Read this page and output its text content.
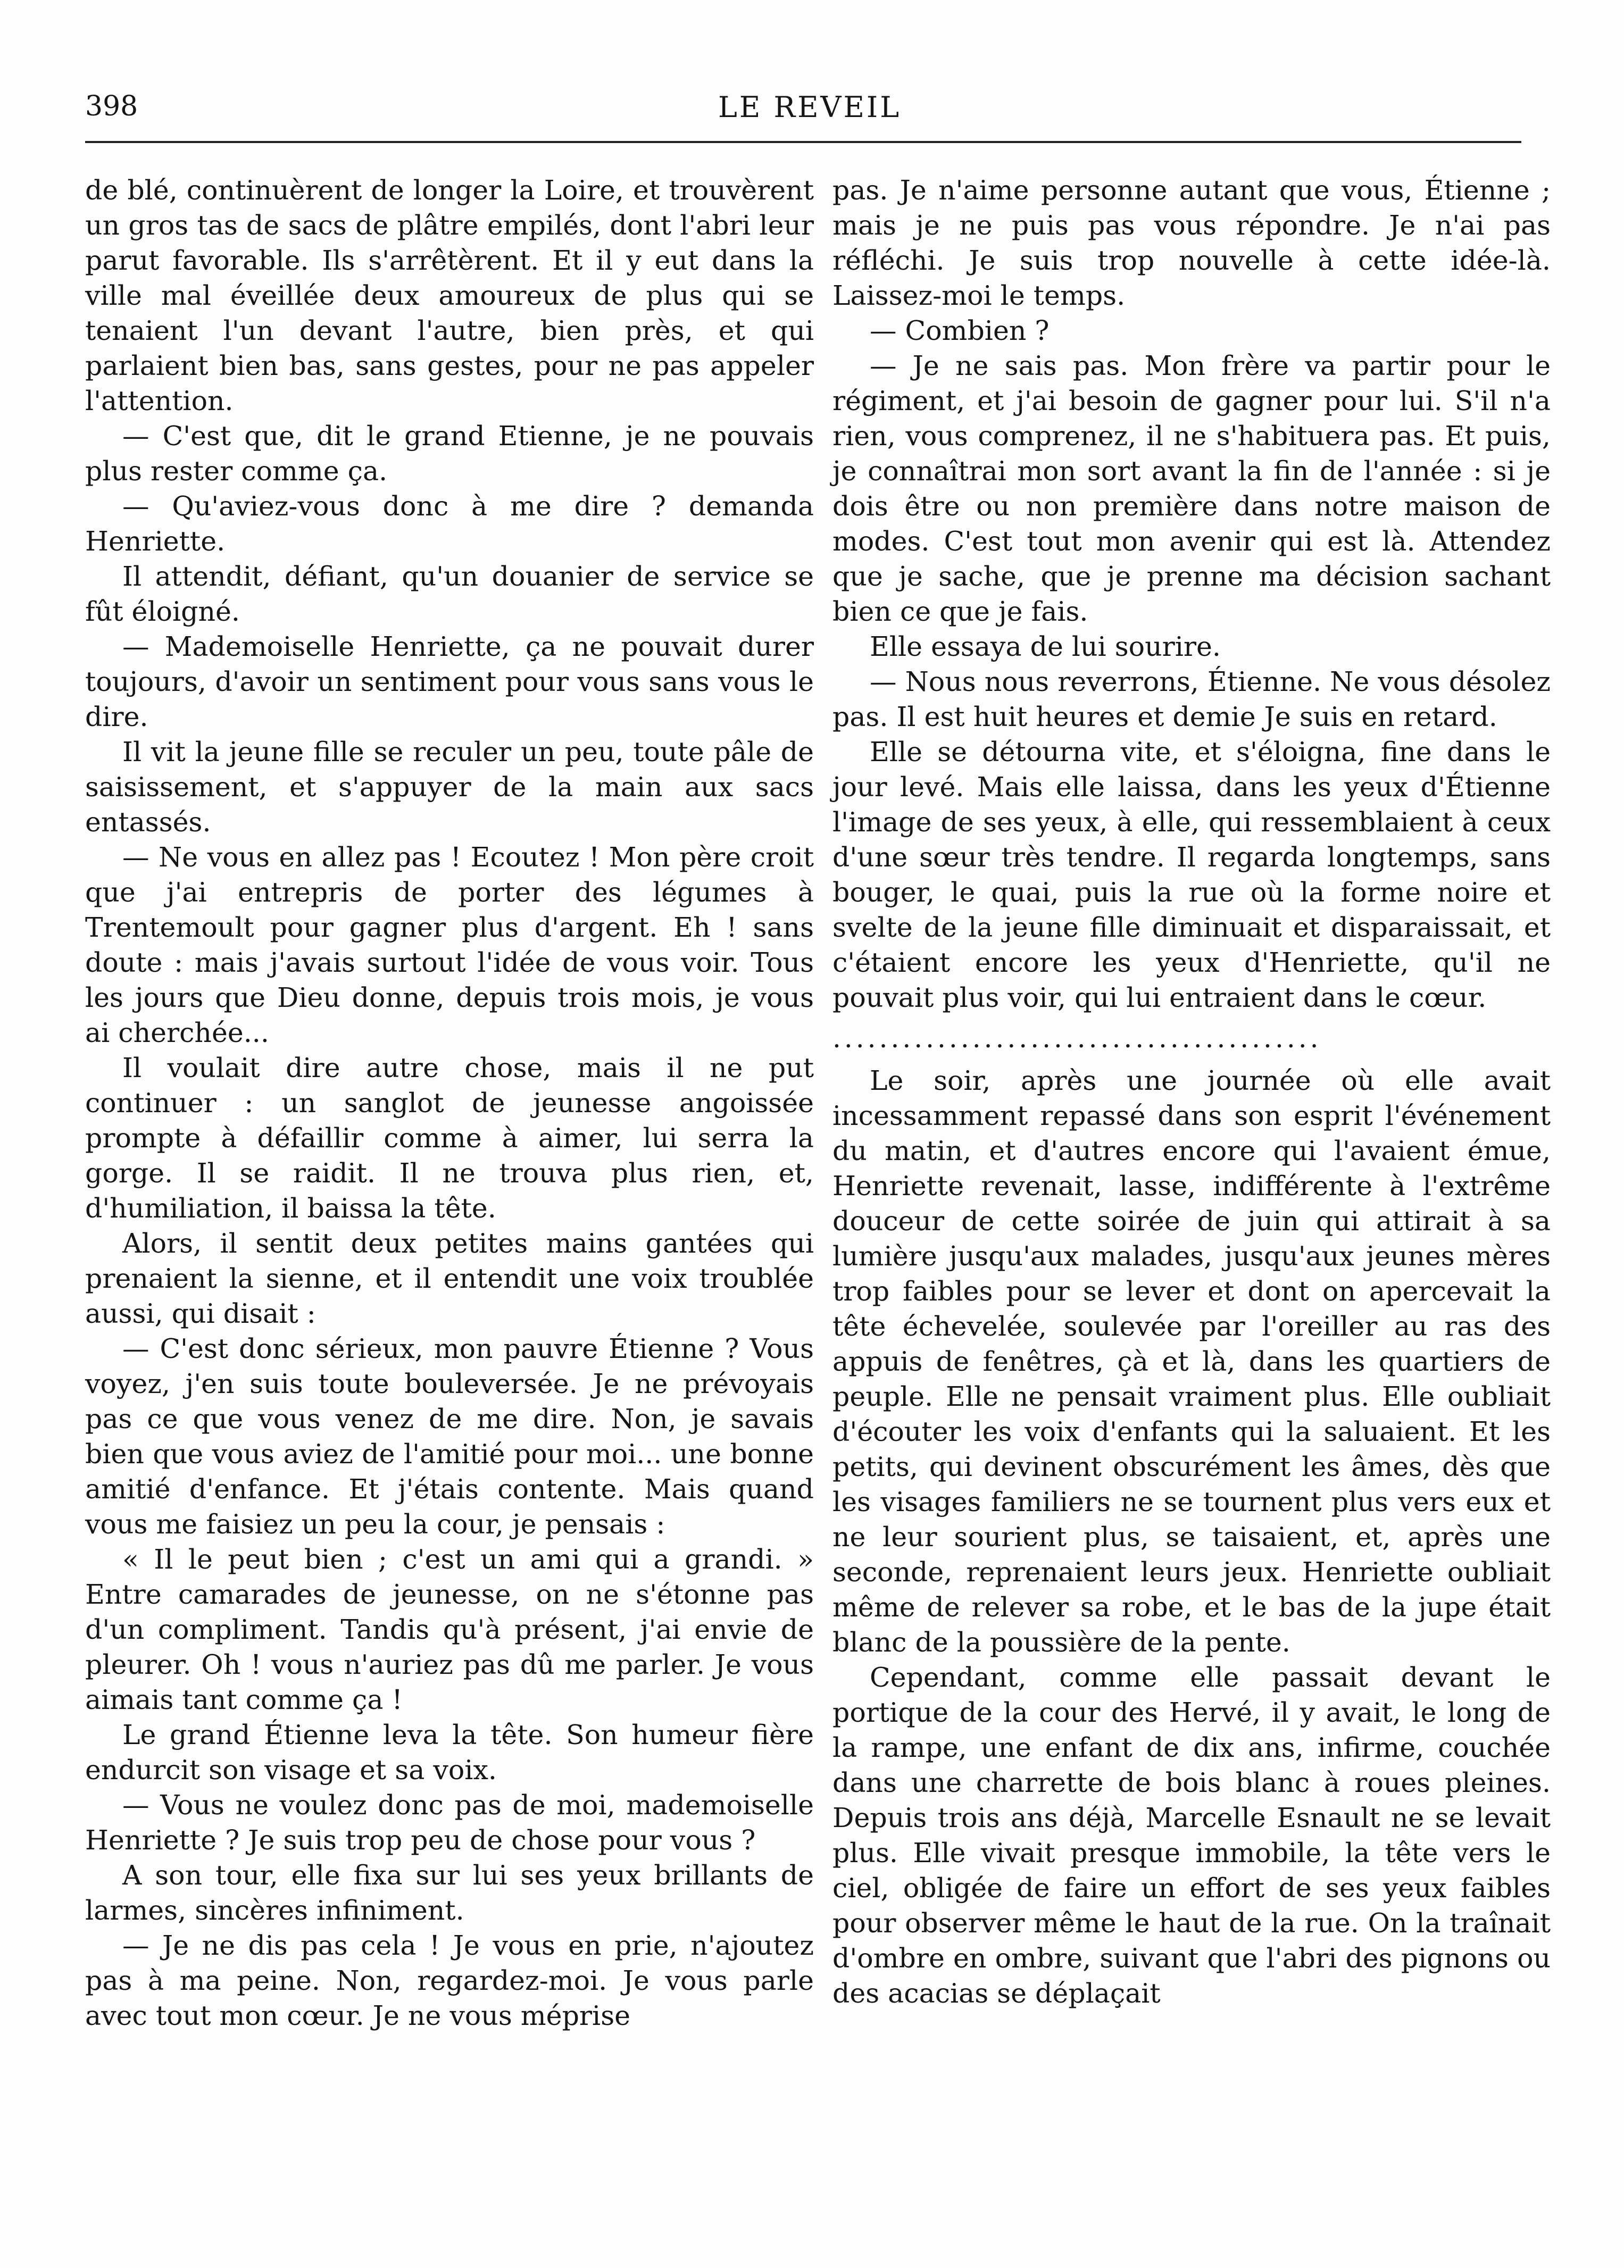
398	LE REVEIL

de blé, continuèrent de longer la Loire, et trouvèrent un gros tas de sacs de plâtre empilés, dont l'abri leur parut favorable. Ils s'arrêtèrent. Et il y eut dans la ville mal éveillée deux amoureux de plus qui se tenaient l'un devant l'autre, bien près, et qui parlaient bien bas, sans gestes, pour ne pas appeler l'attention.

— C'est que, dit le grand Etienne, je ne pouvais plus rester comme ça.

— Qu'aviez-vous donc à me dire ? demanda Henriette.

Il attendit, défiant, qu'un douanier de service se fût éloigné.

— Mademoiselle Henriette, ça ne pouvait durer toujours, d'avoir un sentiment pour vous sans vous le dire.

Il vit la jeune fille se reculer un peu, toute pâle de saisissement, et s'appuyer de la main aux sacs entassés.

— Ne vous en allez pas ! Ecoutez ! Mon père croit que j'ai entrepris de porter des légumes à Trentemoult pour gagner plus d'argent. Eh ! sans doute : mais j'avais surtout l'idée de vous voir. Tous les jours que Dieu donne, depuis trois mois, je vous ai cherchée...

Il voulait dire autre chose, mais il ne put continuer : un sanglot de jeunesse angoissée prompte à défaillir comme à aimer, lui serra la gorge. Il se raidit. Il ne trouva plus rien, et, d'humiliation, il baissa la tête.

Alors, il sentit deux petites mains gantées qui prenaient la sienne, et il entendit une voix troublée aussi, qui disait :

— C'est donc sérieux, mon pauvre Étienne ? Vous voyez, j'en suis toute bouleversée. Je ne prévoyais pas ce que vous venez de me dire. Non, je savais bien que vous aviez de l'amitié pour moi... une bonne amitié d'enfance. Et j'étais contente. Mais quand vous me faisiez un peu la cour, je pensais :

« Il le peut bien ; c'est un ami qui a grandi. » Entre camarades de jeunesse, on ne s'étonne pas d'un compliment. Tandis qu'à présent, j'ai envie de pleurer. Oh ! vous n'auriez pas dû me parler. Je vous aimais tant comme ça !

Le grand Étienne leva la tête. Son humeur fière endurcit son visage et sa voix.

— Vous ne voulez donc pas de moi, mademoiselle Henriette ? Je suis trop peu de chose pour vous ?

A son tour, elle fixa sur lui ses yeux brillants de larmes, sincères infiniment.

— Je ne dis pas cela ! Je vous en prie, n'ajoutez pas à ma peine. Non, regardez-moi. Je vous parle avec tout mon cœur. Je ne vous méprise

pas. Je n'aime personne autant que vous, Étienne ; mais je ne puis pas vous répondre. Je n'ai pas réfléchi. Je suis trop nouvelle à cette idée-là. Laissez-moi le temps.

— Combien ?

— Je ne sais pas. Mon frère va partir pour le régiment, et j'ai besoin de gagner pour lui. S'il n'a rien, vous comprenez, il ne s'habituera pas. Et puis, je connaîtrai mon sort avant la fin de l'année : si je dois être ou non première dans notre maison de modes. C'est tout mon avenir qui est là. Attendez que je sache, que je prenne ma décision sachant bien ce que je fais.

Elle essaya de lui sourire.

— Nous nous reverrons, Étienne. Ne vous désolez pas. Il est huit heures et demie Je suis en retard.

Elle se détourna vite, et s'éloigna, fine dans le jour levé. Mais elle laissa, dans les yeux d'Étienne l'image de ses yeux, à elle, qui ressemblaient à ceux d'une sœur très tendre. Il regarda longtemps, sans bouger, le quai, puis la rue où la forme noire et svelte de la jeune fille diminuait et disparaissait, et c'étaient encore les yeux d'Henriette, qu'il ne pouvait plus voir, qui lui entraient dans le cœur.

..........................................

Le soir, après une journée où elle avait incessamment repassé dans son esprit l'événement du matin, et d'autres encore qui l'avaient émue, Henriette revenait, lasse, indifférente à l'extrême douceur de cette soirée de juin qui attirait à sa lumière jusqu'aux malades, jusqu'aux jeunes mères trop faibles pour se lever et dont on apercevait la tête échevelée, soulevée par l'oreiller au ras des appuis de fenêtres, çà et là, dans les quartiers de peuple. Elle ne pensait vraiment plus. Elle oubliait d'écouter les voix d'enfants qui la saluaient. Et les petits, qui devinent obscurément les âmes, dès que les visages familiers ne se tournent plus vers eux et ne leur sourient plus, se taisaient, et, après une seconde, reprenaient leurs jeux. Henriette oubliait même de relever sa robe, et le bas de la jupe était blanc de la poussière de la pente.

Cependant, comme elle passait devant le portique de la cour des Hervé, il y avait, le long de la rampe, une enfant de dix ans, infirme, couchée dans une charrette de bois blanc à roues pleines. Depuis trois ans déjà, Marcelle Esnault ne se levait plus. Elle vivait presque immobile, la tête vers le ciel, obligée de faire un effort de ses yeux faibles pour observer même le haut de la rue. On la traînait d'ombre en ombre, suivant que l'abri des pignons ou des acacias se déplaçait
